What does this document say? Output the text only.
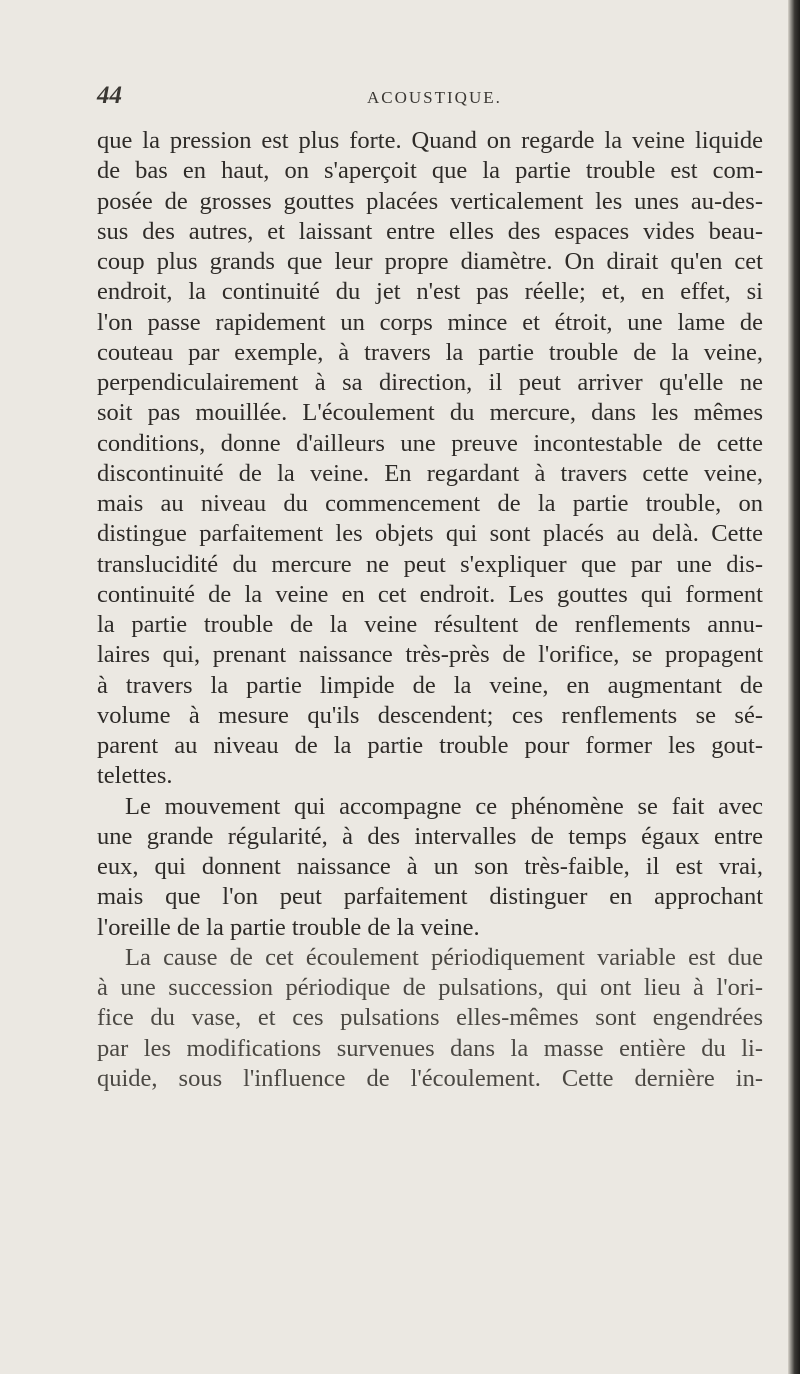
44	ACOUSTIQUE.
que la pression est plus forte. Quand on regarde la veine liquide
de bas en haut, on s'aperçoit que la partie trouble est com-
posée de grosses gouttes placées verticalement les unes au-des-
sus des autres, et laissant entre elles des espaces vides beau-
coup plus grands que leur propre diamètre. On dirait qu'en cet
endroit, la continuité du jet n'est pas réelle; et, en effet, si
l'on passe rapidement un corps mince et étroit, une lame de
couteau par exemple, à travers la partie trouble de la veine,
perpendiculairement à sa direction, il peut arriver qu'elle ne
soit pas mouillée. L'écoulement du mercure, dans les mêmes
conditions, donne d'ailleurs une preuve incontestable de cette
discontinuité de la veine. En regardant à travers cette veine,
mais au niveau du commencement de la partie trouble, on
distingue parfaitement les objets qui sont placés au delà. Cette
translucidité du mercure ne peut s'expliquer que par une dis-
continuité de la veine en cet endroit. Les gouttes qui forment
la partie trouble de la veine résultent de renflements annu-
laires qui, prenant naissance très-près de l'orifice, se propagent
à travers la partie limpide de la veine, en augmentant de
volume à mesure qu'ils descendent; ces renflements se sé-
parent au niveau de la partie trouble pour former les gout-
telettes.
Le mouvement qui accompagne ce phénomène se fait avec
une grande régularité, à des intervalles de temps égaux entre
eux, qui donnent naissance à un son très-faible, il est vrai,
mais que l'on peut parfaitement distinguer en approchant
l'oreille de la partie trouble de la veine.
La cause de cet écoulement périodiquement variable est due
à une succession périodique de pulsations, qui ont lieu à l'ori-
fice du vase, et ces pulsations elles-mêmes sont engendrées
par les modifications survenues dans la masse entière du li-
quide, sous l'influence de l'écoulement. Cette dernière in-
